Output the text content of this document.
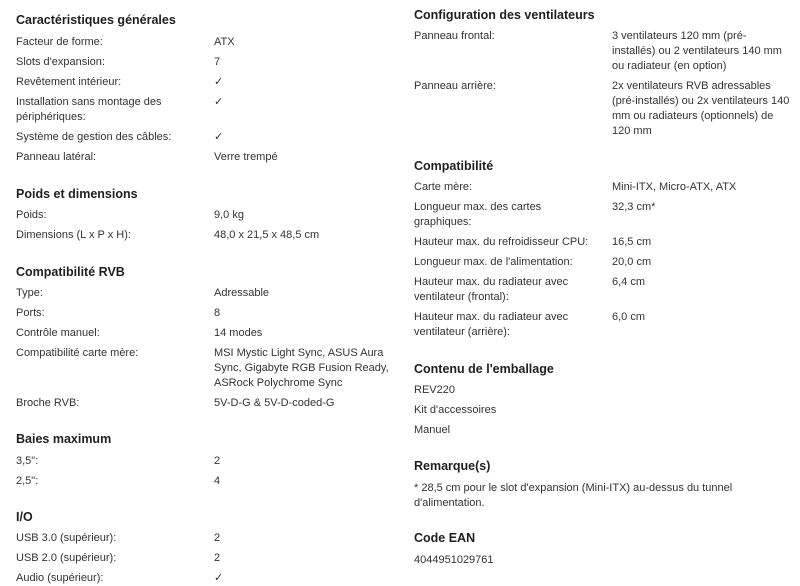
Caractéristiques générales
Facteur de forme:	ATX
Slots d'expansion:	7
Revêtement intérieur:	✓
Installation sans montage des périphériques:
✓
Système de gestion des câbles:	✓
Panneau latéral:	Verre trempé
Poids et dimensions
Poids:	9,0 kg
Dimensions (L x P x H):	48,0 x 21,5 x 48,5 cm
Compatibilité RVB
Type:	Adressable
Ports:	8
Contrôle manuel:	14 modes
Compatibilité carte mère:	MSI Mystic Light Sync, ASUS Aura Sync, Gigabyte RGB Fusion Ready, ASRock Polychrome Sync
Broche RVB:	5V-D-G & 5V-D-coded-G
Baies maximum
3,5":	2
2,5":	4
I/O
USB 3.0 (supérieur):	2
USB 2.0 (supérieur):	2
Audio (supérieur):	✓
Configuration des ventilateurs
Panneau frontal:	3 ventilateurs 120 mm (pré-installés) ou 2 ventilateurs 140 mm ou radiateur (en option)
Panneau arrière:	2x ventilateurs RVB adressables (pré-installés) ou 2x ventilateurs 140 mm ou radiateurs (optionnels) de 120 mm
Compatibilité
Carte mère:	Mini-ITX, Micro-ATX, ATX
Longueur max. des cartes graphiques:
32,3 cm*
Hauteur max. du refroidisseur CPU:	16,5 cm
Longueur max. de l'alimentation:	20,0 cm
Hauteur max. du radiateur avec ventilateur (frontal):
6,4 cm
Hauteur max. du radiateur avec ventilateur (arrière):
6,0 cm
Contenu de l'emballage
REV220
Kit d'accessoires
Manuel
Remarque(s)
* 28,5 cm pour le slot d'expansion (Mini-ITX) au-dessus du tunnel d'alimentation.
Code EAN
4044951029761
